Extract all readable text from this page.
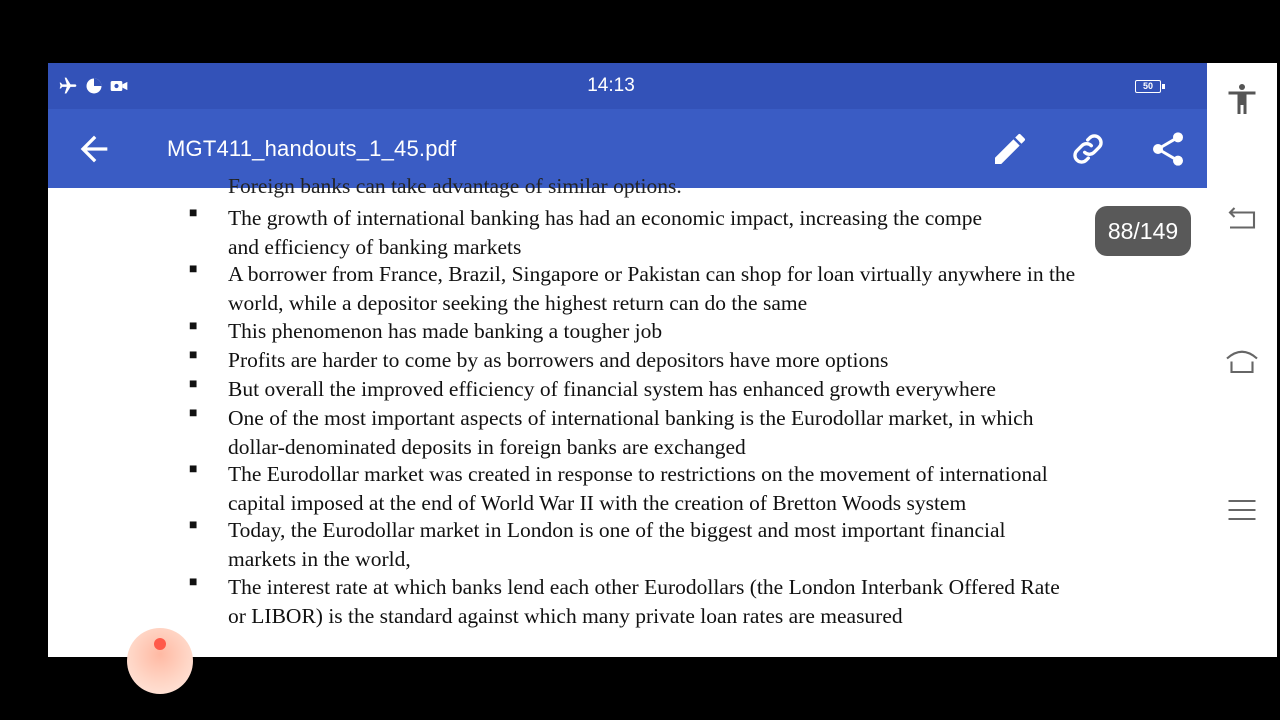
14:13	50
MGT411_handouts_1_45.pdf
Foreign banks can take advantage of similar options.
■ The growth of international banking has had an economic impact, increasing the compe
and efficiency of banking markets
■ A borrower from France, Brazil, Singapore or Pakistan can shop for loan virtually anywhere in the
world, while a depositor seeking the highest return can do the same
■ This phenomenon has made banking a tougher job
■ Profits are harder to come by as borrowers and depositors have more options
■ But overall the improved efficiency of financial system has enhanced growth everywhere
■ One of the most important aspects of international banking is the Eurodollar market, in which
dollar-denominated deposits in foreign banks are exchanged
■ The Eurodollar market was created in response to restrictions on the movement of international
capital imposed at the end of World War II with the creation of Bretton Woods system
■ Today, the Eurodollar market in London is one of the biggest and most important financial
markets in the world,
■ The interest rate at which banks lend each other Eurodollars (the London Interbank Offered Rate
or LIBOR) is the standard against which many private loan rates are measured
88/149
